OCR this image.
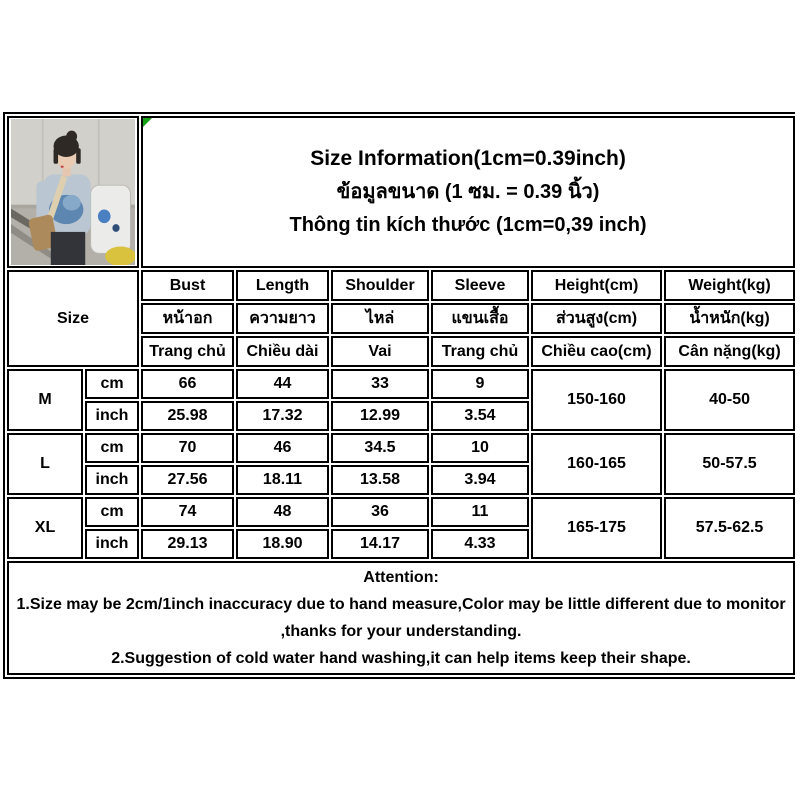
Size Information(1cm=0.39inch)
ข้อมูลขนาด (1 ซม. = 0.39 นิ้ว)
Thông tin kích thước (1cm=0,39 inch)					

Size		Bust	Length	Shoulder	Sleeve	Height(cm)	Weight(kg)
		หน้าอก	ความยาว	ไหล่	แขนเสื้อ	ส่วนสูง(cm)	น้ำหนัก(kg)
		Trang chủ	Chiều dài	Vai	Trang chủ	Chiều cao(cm)	Cân nặng(kg)
M	cm	66	44	33	9	150-160	40-50
	inch	25.98	17.32	12.99	3.54		
L	cm	70	46	34.5	10	160-165	50-57.5
	inch	27.56	18.11	13.58	3.94		
XL	cm	74	48	36	11	165-175	57.5-62.5
	inch	29.13	18.90	14.17	4.33		

Attention:
1.Size may be 2cm/1inch inaccuracy due to hand measure,Color may be little different due to monitor
,thanks for your understanding.
2.Suggestion of cold water hand washing,it can help items keep their shape.							
